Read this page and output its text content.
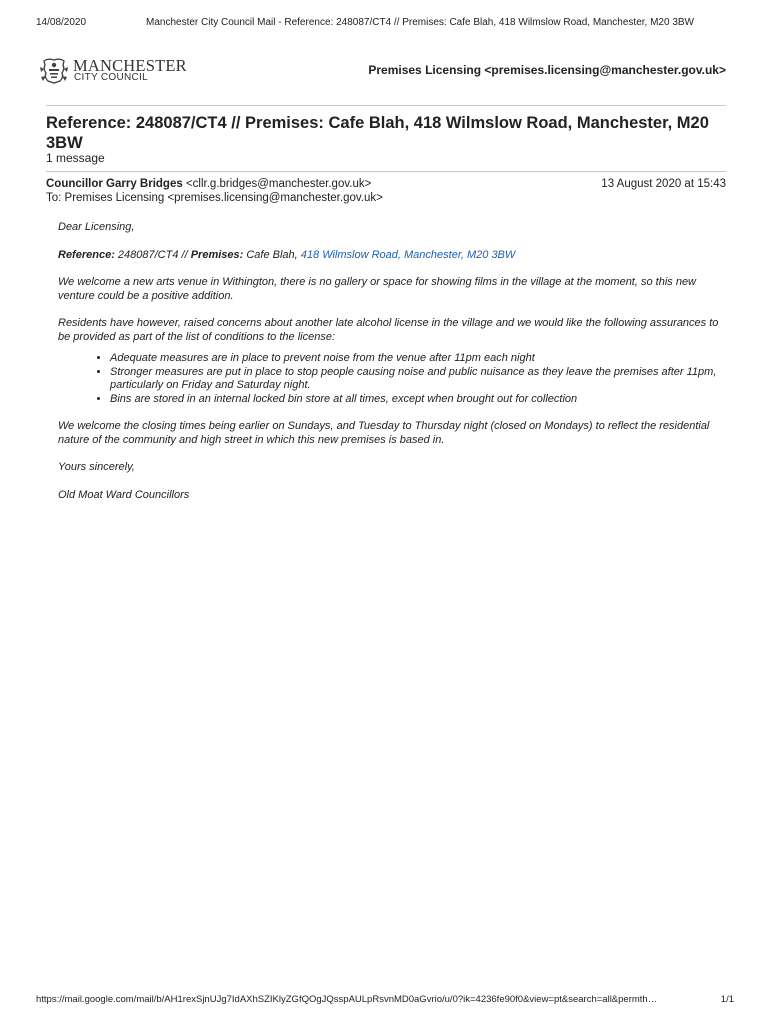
14/08/2020	Manchester City Council Mail - Reference: 248087/CT4 // Premises: Cafe Blah, 418 Wilmslow Road, Manchester, M20 3BW
MANCHESTER
CITY COUNCIL
Premises Licensing <premises.licensing@manchester.gov.uk>
Reference: 248087/CT4 // Premises: Cafe Blah, 418 Wilmslow Road, Manchester, M20 3BW
1 message
Councillor Garry Bridges <cllr.g.bridges@manchester.gov.uk>	13 August 2020 at 15:43
To: Premises Licensing <premises.licensing@manchester.gov.uk>

Dear Licensing,

Reference: 248087/CT4 // Premises: Cafe Blah, 418 Wilmslow Road, Manchester, M20 3BW

We welcome a new arts venue in Withington, there is no gallery or space for showing films in the village at the moment, so this new venture could be a positive addition.

Residents have however, raised concerns about another late alcohol license in the village and we would like the following assurances to be provided as part of the list of conditions to the license:

• Adequate measures are in place to prevent noise from the venue after 11pm each night
• Stronger measures are put in place to stop people causing noise and public nuisance as they leave the premises after 11pm, particularly on Friday and Saturday night.
• Bins are stored in an internal locked bin store at all times, except when brought out for collection

We welcome the closing times being earlier on Sundays, and Tuesday to Thursday night (closed on Mondays) to reflect the residential nature of the community and high street in which this new premises is based in.

Yours sincerely,

Old Moat Ward Councillors

https://mail.google.com/mail/b/AH1rexSjnUJg7IdAXhSZIKlyZGfQOgJQsspAULpRsvnMD0aGvrio/u/0?ik=4236fe90f0&view=pt&search=all&permth…	1/1
